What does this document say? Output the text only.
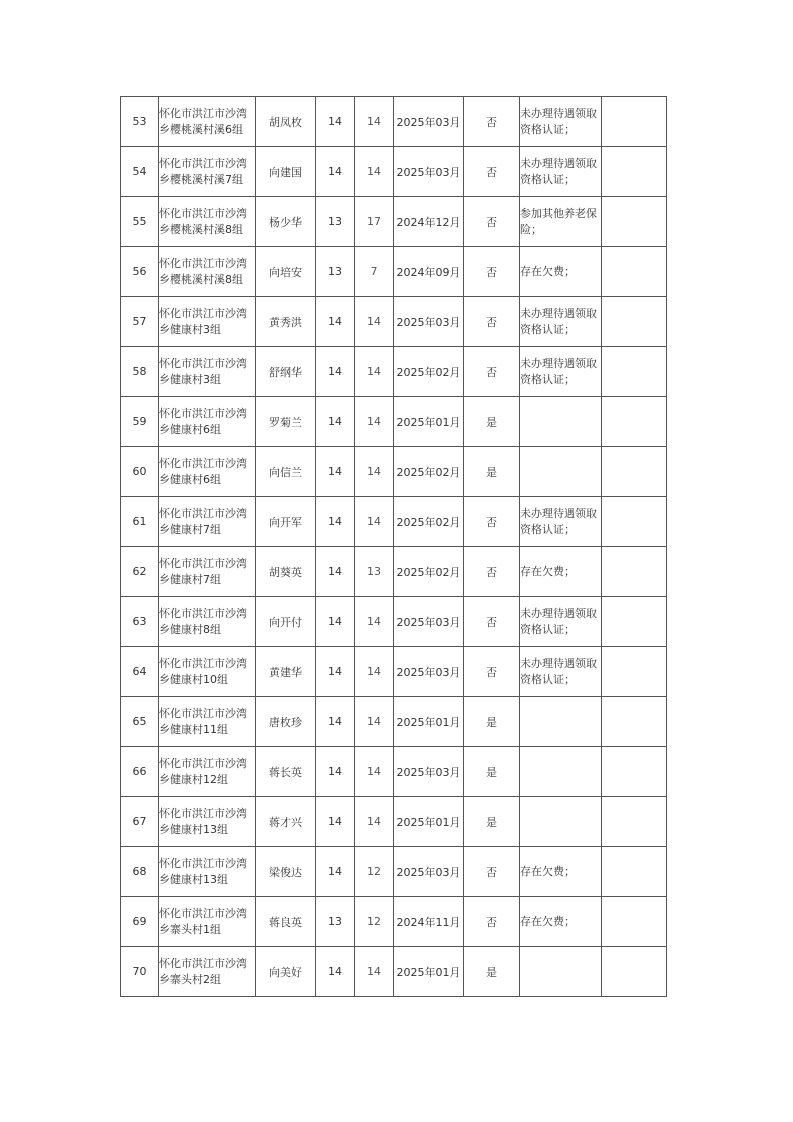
53	怀化市洪江市沙湾乡樱桃溪村溪6组	胡凤枚	14	14	2025年03月	否	未办理待遇领取资格认证；	
54	怀化市洪江市沙湾乡樱桃溪村溪7组	向建国	14	14	2025年03月	否	未办理待遇领取资格认证；	
55	怀化市洪江市沙湾乡樱桃溪村溪8组	杨少华	13	17	2024年12月	否	参加其他养老保险；	
56	怀化市洪江市沙湾乡樱桃溪村溪8组	向培安	13	7	2024年09月	否	存在欠费；	
57	怀化市洪江市沙湾乡健康村3组	黄秀洪	14	14	2025年03月	否	未办理待遇领取资格认证；	
58	怀化市洪江市沙湾乡健康村3组	舒纲华	14	14	2025年02月	否	未办理待遇领取资格认证；	
59	怀化市洪江市沙湾乡健康村6组	罗菊兰	14	14	2025年01月	是		
60	怀化市洪江市沙湾乡健康村6组	向信兰	14	14	2025年02月	是		
61	怀化市洪江市沙湾乡健康村7组	向开军	14	14	2025年02月	否	未办理待遇领取资格认证；	
62	怀化市洪江市沙湾乡健康村7组	胡葵英	14	13	2025年02月	否	存在欠费；	
63	怀化市洪江市沙湾乡健康村8组	向开付	14	14	2025年03月	否	未办理待遇领取资格认证；	
64	怀化市洪江市沙湾乡健康村10组	黄建华	14	14	2025年03月	否	未办理待遇领取资格认证；	
65	怀化市洪江市沙湾乡健康村11组	唐枚珍	14	14	2025年01月	是		
66	怀化市洪江市沙湾乡健康村12组	蒋长英	14	14	2025年03月	是		
67	怀化市洪江市沙湾乡健康村13组	蒋才兴	14	14	2025年01月	是		
68	怀化市洪江市沙湾乡健康村13组	梁俊达	14	12	2025年03月	否	存在欠费；	
69	怀化市洪江市沙湾乡寨头村1组	蒋良英	13	12	2024年11月	否	存在欠费；	
70	怀化市洪江市沙湾乡寨头村2组	向美好	14	14	2025年01月	是		
